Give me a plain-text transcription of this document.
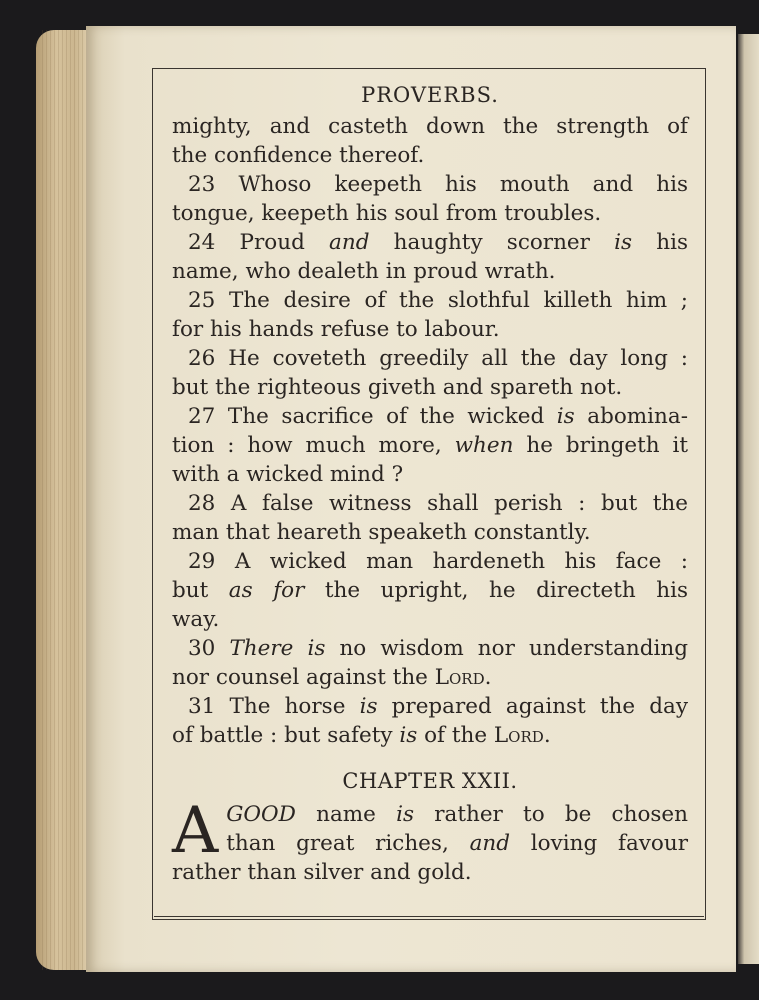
PROVERBS.
mighty, and casteth down the strength of
the confidence thereof.
23 Whoso keepeth his mouth and his
tongue, keepeth his soul from troubles.
24 Proud and haughty scorner is his
name, who dealeth in proud wrath.
25 The desire of the slothful killeth him ;
for his hands refuse to labour.
26 He coveteth greedily all the day long :
but the righteous giveth and spareth not.
27 The sacrifice of the wicked is abomina-
tion : how much more, when he bringeth it
with a wicked mind ?
28 A false witness shall perish : but the
man that heareth speaketh constantly.
29 A wicked man hardeneth his face :
but as for the upright, he directeth his
way.
30 There is no wisdom nor understanding
nor counsel against the Lord.
31 The horse is prepared against the day
of battle : but safety is of the Lord.
CHAPTER XXII.
A GOOD name is rather to be chosen
than great riches, and loving favour
rather than silver and gold.
